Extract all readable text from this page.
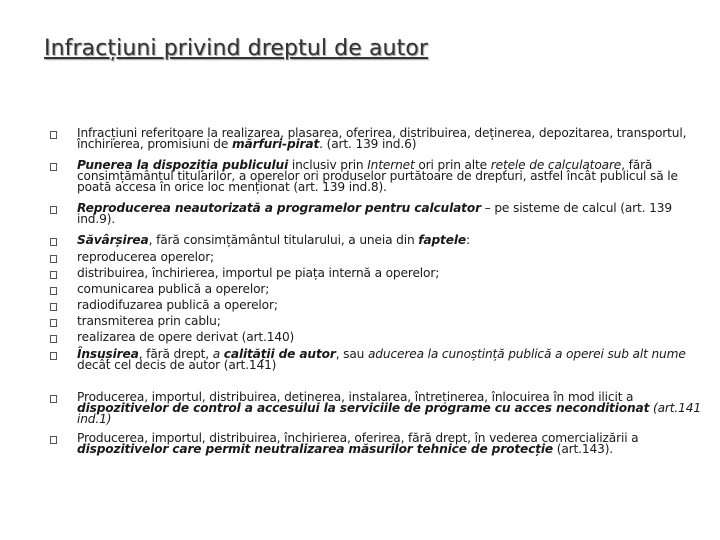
Infracțiuni privind dreptul de autor
Infracțiuni referitoare la realizarea, plasarea, oferirea, distribuirea, deținerea, depozitarea, transportul, închirierea, promisiuni de mărfuri-pirat. (art. 139 ind.6)
Punerea la dispoziția publicului inclusiv prin Internet ori prin alte rețele de calculatoare, fără consimțământul titularilor, a operelor ori produselor purtătoare de drepturi, astfel încât publicul să le poată accesa în orice loc menționat (art. 139 ind.8).
Reproducerea neautorizată a programelor pentru calculator – pe sisteme de calcul (art. 139 ind.9).
Săvârșirea, fără consimțământul titularului, a uneia din faptele:
reproducerea operelor;
distribuirea, închirierea, importul pe piața internă a operelor;
comunicarea publică a operelor;
radiodifuzarea publică a operelor;
transmiterea prin cablu;
realizarea de opere derivat (art.140)
Însușirea, fără drept, a calității de autor, sau aducerea la cunoștință publică a operei sub alt nume decât cel decis de autor (art.141)
Producerea, importul, distribuirea, deținerea, instalarea, întreținerea, înlocuirea în mod ilicit a dispozitivelor de control a accesului la serviciile de programe cu acces neconditionat (art.141 ind.1)
Producerea, importul, distribuirea, închirierea, oferirea, fără drept, în vederea comercializării a dispozitivelor care permit neutralizarea măsurilor tehnice de protecție (art.143).
